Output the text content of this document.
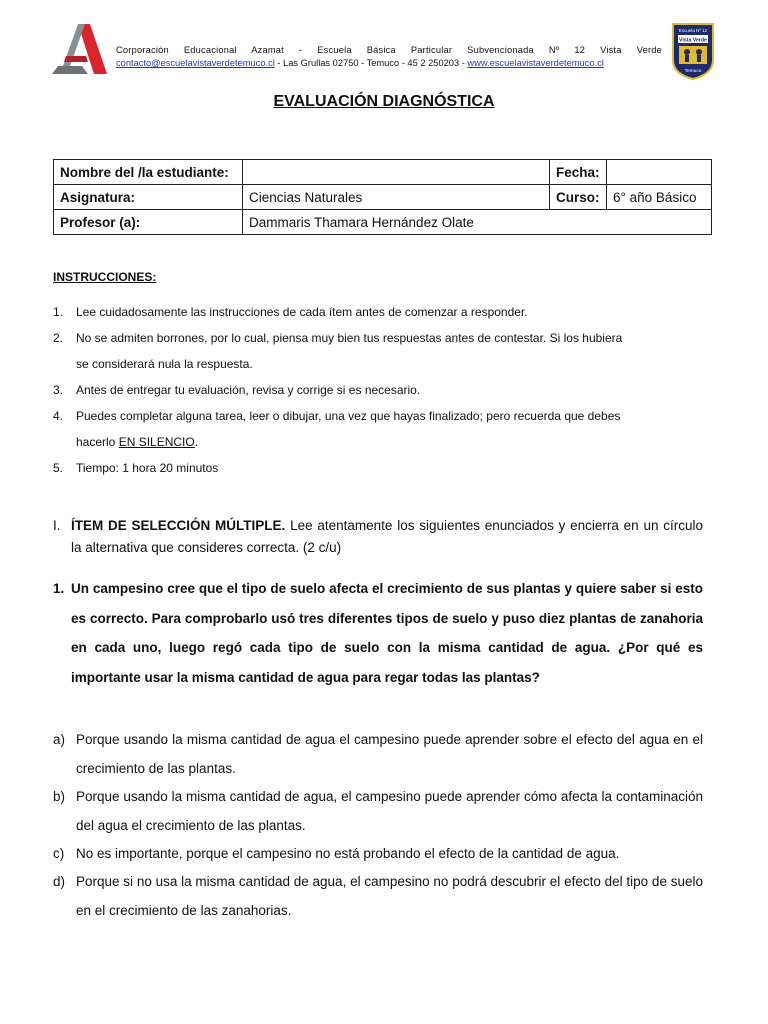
Corporación Educacional Azamat - Escuela Básica Particular Subvencionada Nº 12 Vista Verde
contacto@escuelavistaverdetemuco.cl - Las Grullas 02750 - Temuco - 45 2 250203 - www.escuelavistaverdetemuco.cl
Escuela Nº 12
Vista Verde
Temuco
EVALUACIÓN DIAGNÓSTICA
Nombre del /la estudiante:		Fecha:	
Asignatura:	Ciencias Naturales	Curso:	6° año Básico
Profesor (a):	Dammaris Thamara Hernández Olate		
INSTRUCCIONES:
1.	Lee cuidadosamente las instrucciones de cada ítem antes de comenzar a responder.
2.	No se admiten borrones, por lo cual, piensa muy bien tus respuestas antes de contestar. Si los hubiera
se considerará nula la respuesta.
3.	Antes de entregar tu evaluación, revisa y corrige si es necesario.
4.	Puedes completar alguna tarea, leer o dibujar, una vez que hayas finalizado; pero recuerda que debes
hacerlo EN SILENCIO.
5.	Tiempo: 1 hora 20 minutos
I. ÍTEM DE SELECCIÓN MÚLTIPLE. Lee atentamente los siguientes enunciados y encierra en un círculo la alternativa que consideres correcta. (2 c/u)
1. Un campesino cree que el tipo de suelo afecta el crecimiento de sus plantas y quiere saber si esto es correcto. Para comprobarlo usó tres diferentes tipos de suelo y puso diez plantas de zanahoria en cada uno, luego regó cada tipo de suelo con la misma cantidad de agua. ¿Por qué es importante usar la misma cantidad de agua para regar todas las plantas?
a) Porque usando la misma cantidad de agua el campesino puede aprender sobre el efecto del agua en el crecimiento de las plantas.
b) Porque usando la misma cantidad de agua, el campesino puede aprender cómo afecta la contaminación del agua el crecimiento de las plantas.
c) No es importante, porque el campesino no está probando el efecto de la cantidad de agua.
d) Porque si no usa la misma cantidad de agua, el campesino no podrá descubrir el efecto del tipo de suelo en el crecimiento de las zanahorias.
